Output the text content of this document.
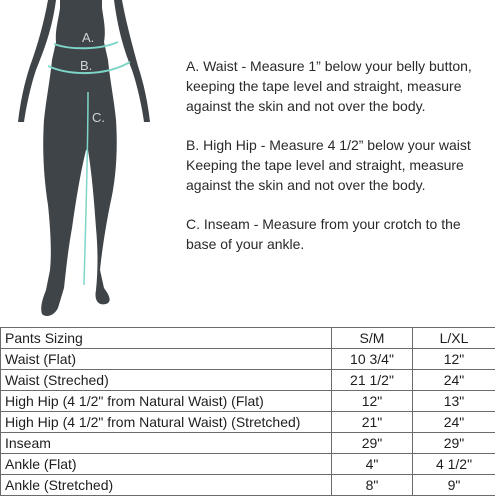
A.
B.
C.

A. Waist - Measure 1” below your belly button, keeping the tape level and straight, measure against the skin and not over the body.

B. High Hip - Measure 4 1/2” below your waist Keeping the tape level and straight, measure against the skin and not over the body.

C. Inseam - Measure from your crotch to the base of your ankle.

Pants Sizing	S/M	L/XL
Waist (Flat)	10 3/4"	12"
Waist (Streched)	21 1/2"	24"
High Hip (4 1/2" from Natural Waist) (Flat)	12"	13"
High Hip (4 1/2" from Natural Waist) (Stretched)	21"	24"
Inseam	29"	29"
Ankle (Flat)	4"	4 1/2"
Ankle (Stretched)	8"	9"
